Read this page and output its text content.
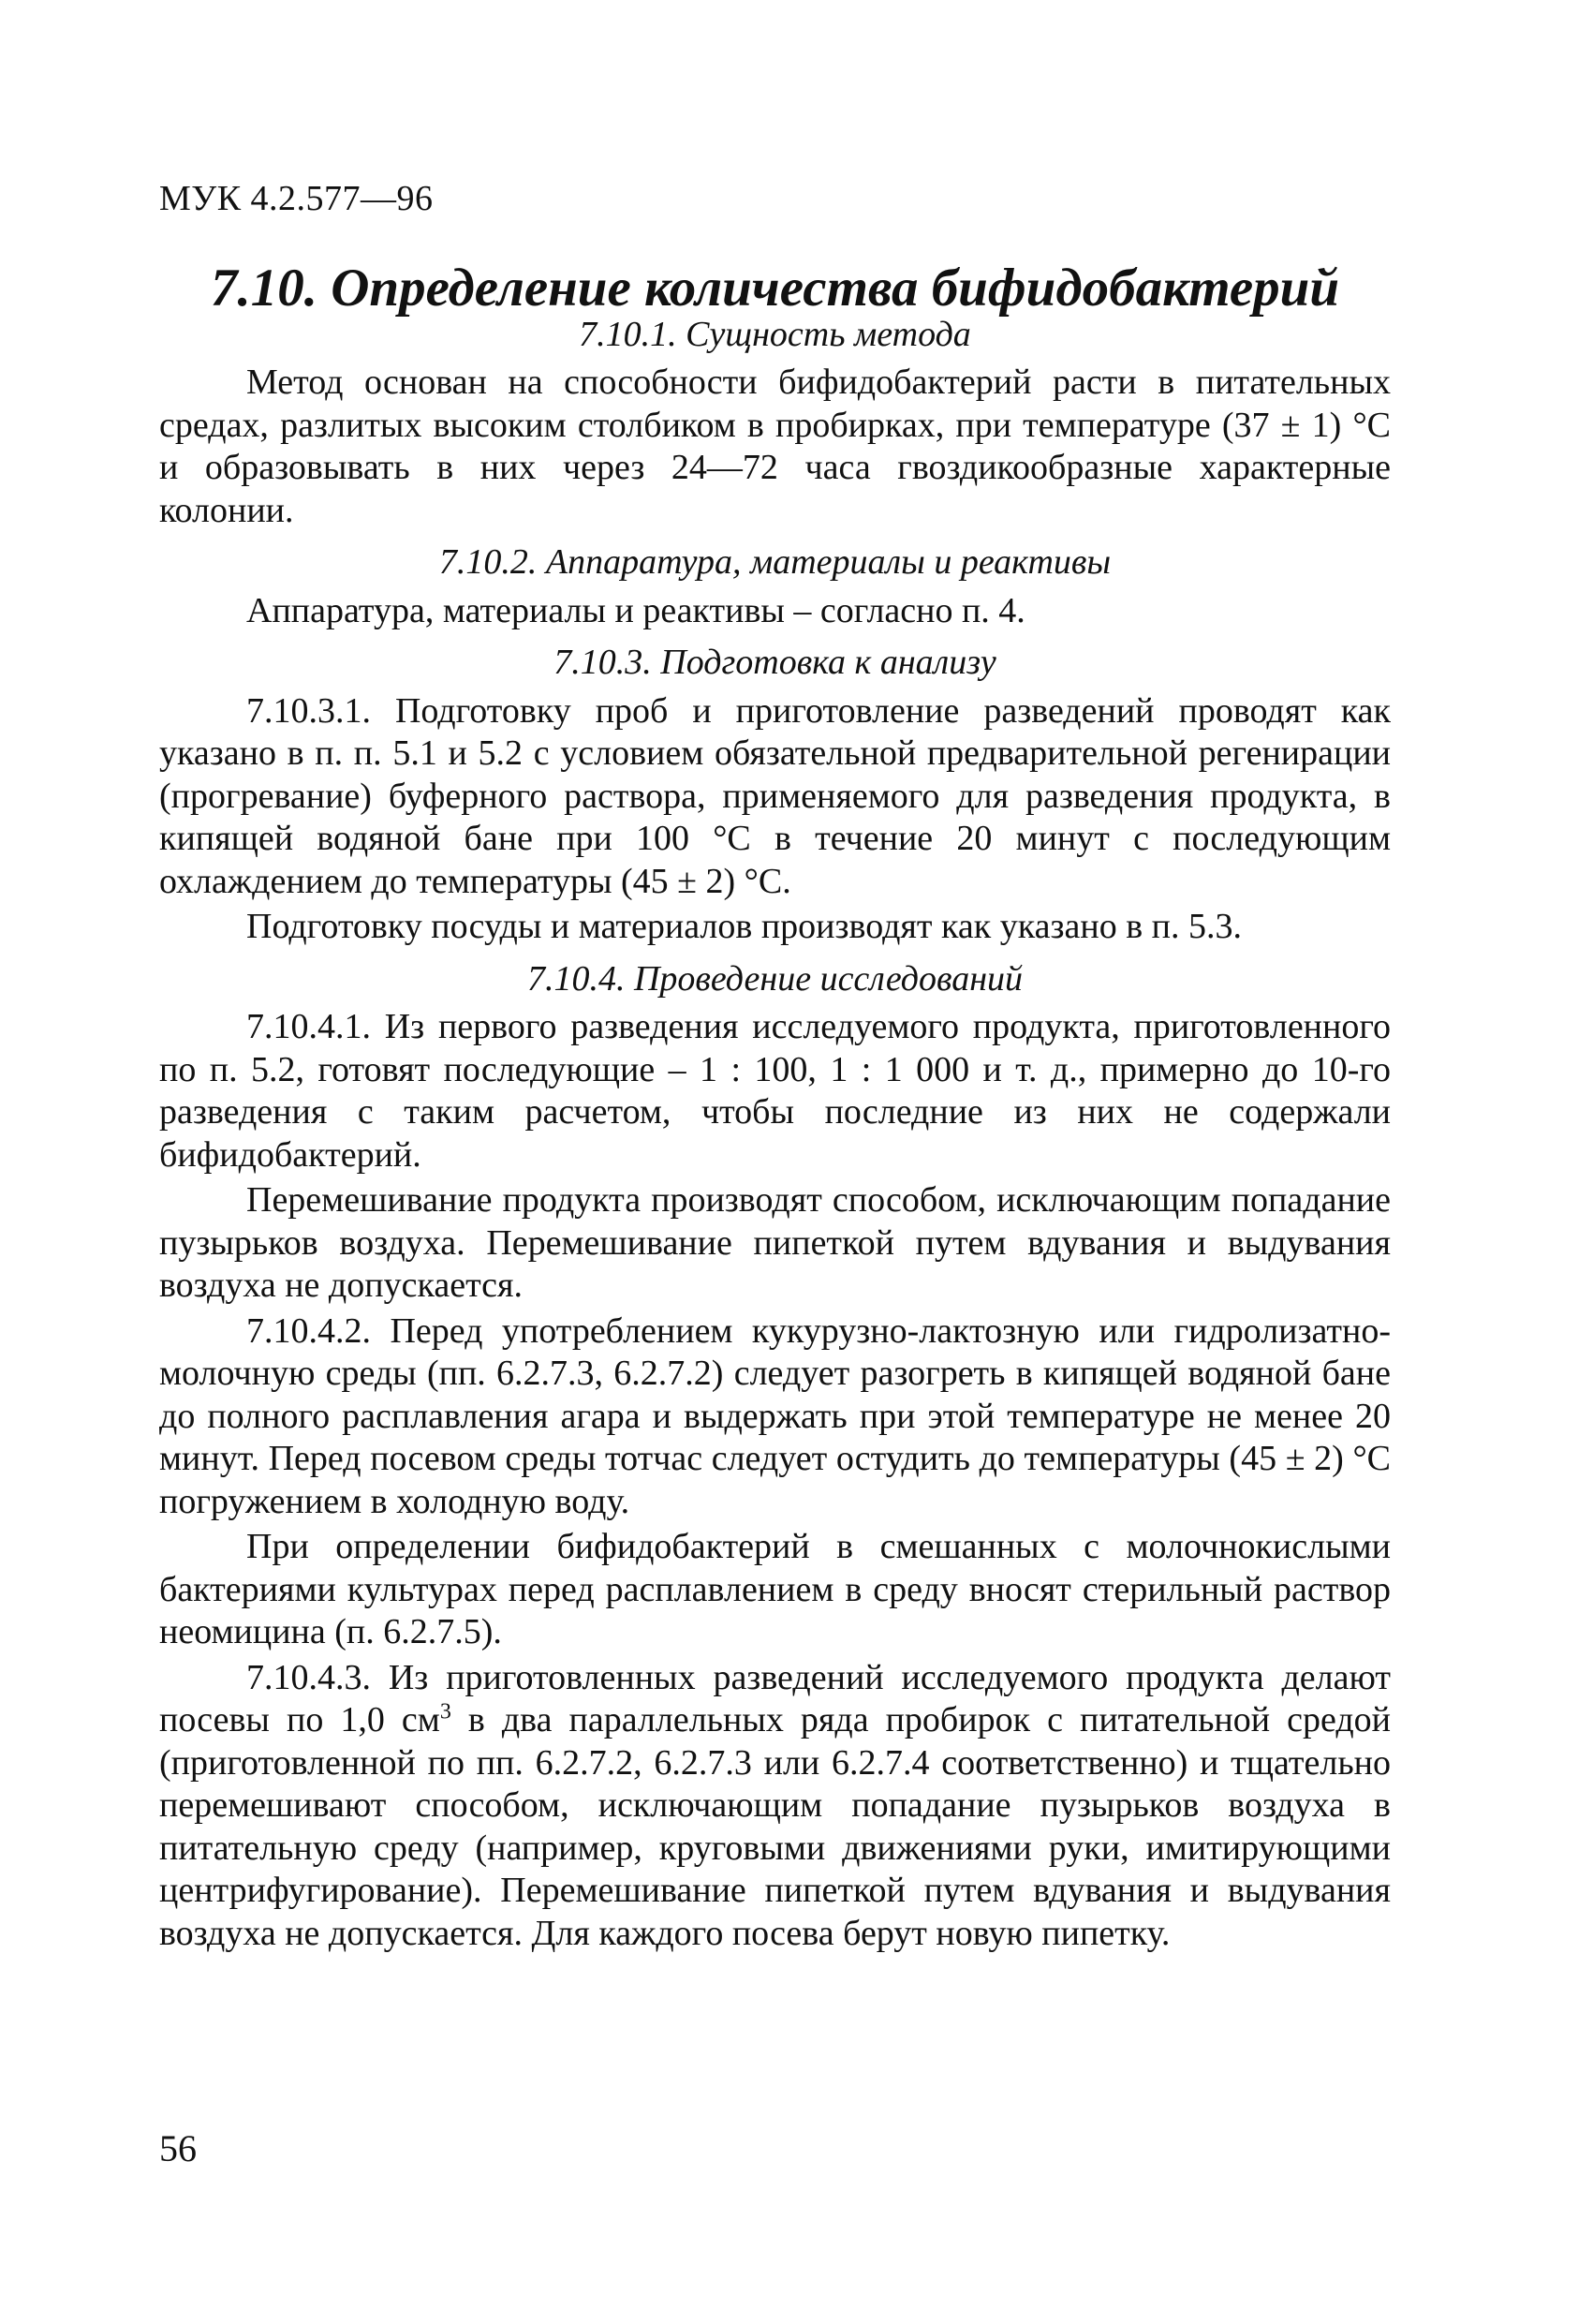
МУК 4.2.577—96
7.10. Определение количества бифидобактерий
7.10.1. Сущность метода

Метод основан на способности бифидобактерий расти в питательных средах, разлитых высоким столбиком в пробирках, при температуре (37 ± 1) °С и образовывать в них через 24—72 часа гвоздикообразные характерные колонии.

7.10.2. Аппаратура, материалы и реактивы

Аппаратура, материалы и реактивы – согласно п. 4.

7.10.3. Подготовка к анализу

7.10.3.1. Подготовку проб и приготовление разведений проводят как указано в п. п. 5.1 и 5.2 с условием обязательной предварительной регенирации (прогревание) буферного раствора, применяемого для разведения продукта, в кипящей водяной бане при 100 °С в течение 20 минут с последующим охлаждением до температуры (45 ± 2) °С.

Подготовку посуды и материалов производят как указано в п. 5.3.

7.10.4. Проведение исследований

7.10.4.1. Из первого разведения исследуемого продукта, приготовленного по п. 5.2, готовят последующие – 1 : 100, 1 : 1 000 и т. д., примерно до 10-го разведения с таким расчетом, чтобы последние из них не содержали бифидобактерий.

Перемешивание продукта производят способом, исключающим попадание пузырьков воздуха. Перемешивание пипеткой путем вдувания и выдувания воздуха не допускается.

7.10.4.2. Перед употреблением кукурузно-лактозную или гидролизатно-молочную среды (пп. 6.2.7.3, 6.2.7.2) следует разогреть в кипящей водяной бане до полного расплавления агара и выдержать при этой температуре не менее 20 минут. Перед посевом среды тотчас следует остудить до температуры (45 ± 2) °С погружением в холодную воду.

При определении бифидобактерий в смешанных с молочнокислыми бактериями культурах перед расплавлением в среду вносят стерильный раствор неомицина (п. 6.2.7.5).

7.10.4.3. Из приготовленных разведений исследуемого продукта делают посевы по 1,0 $см^3$ в два параллельных ряда пробирок с питательной средой (приготовленной по пп. 6.2.7.2, 6.2.7.3 или 6.2.7.4 соответственно) и тщательно перемешивают способом, исключающим попадание пузырьков воздуха в питательную среду (например, круговыми движениями руки, имитирующими центрифугирование). Перемешивание пипеткой путем вдувания и выдувания воздуха не допускается. Для каждого посева берут новую пипетку.

56
